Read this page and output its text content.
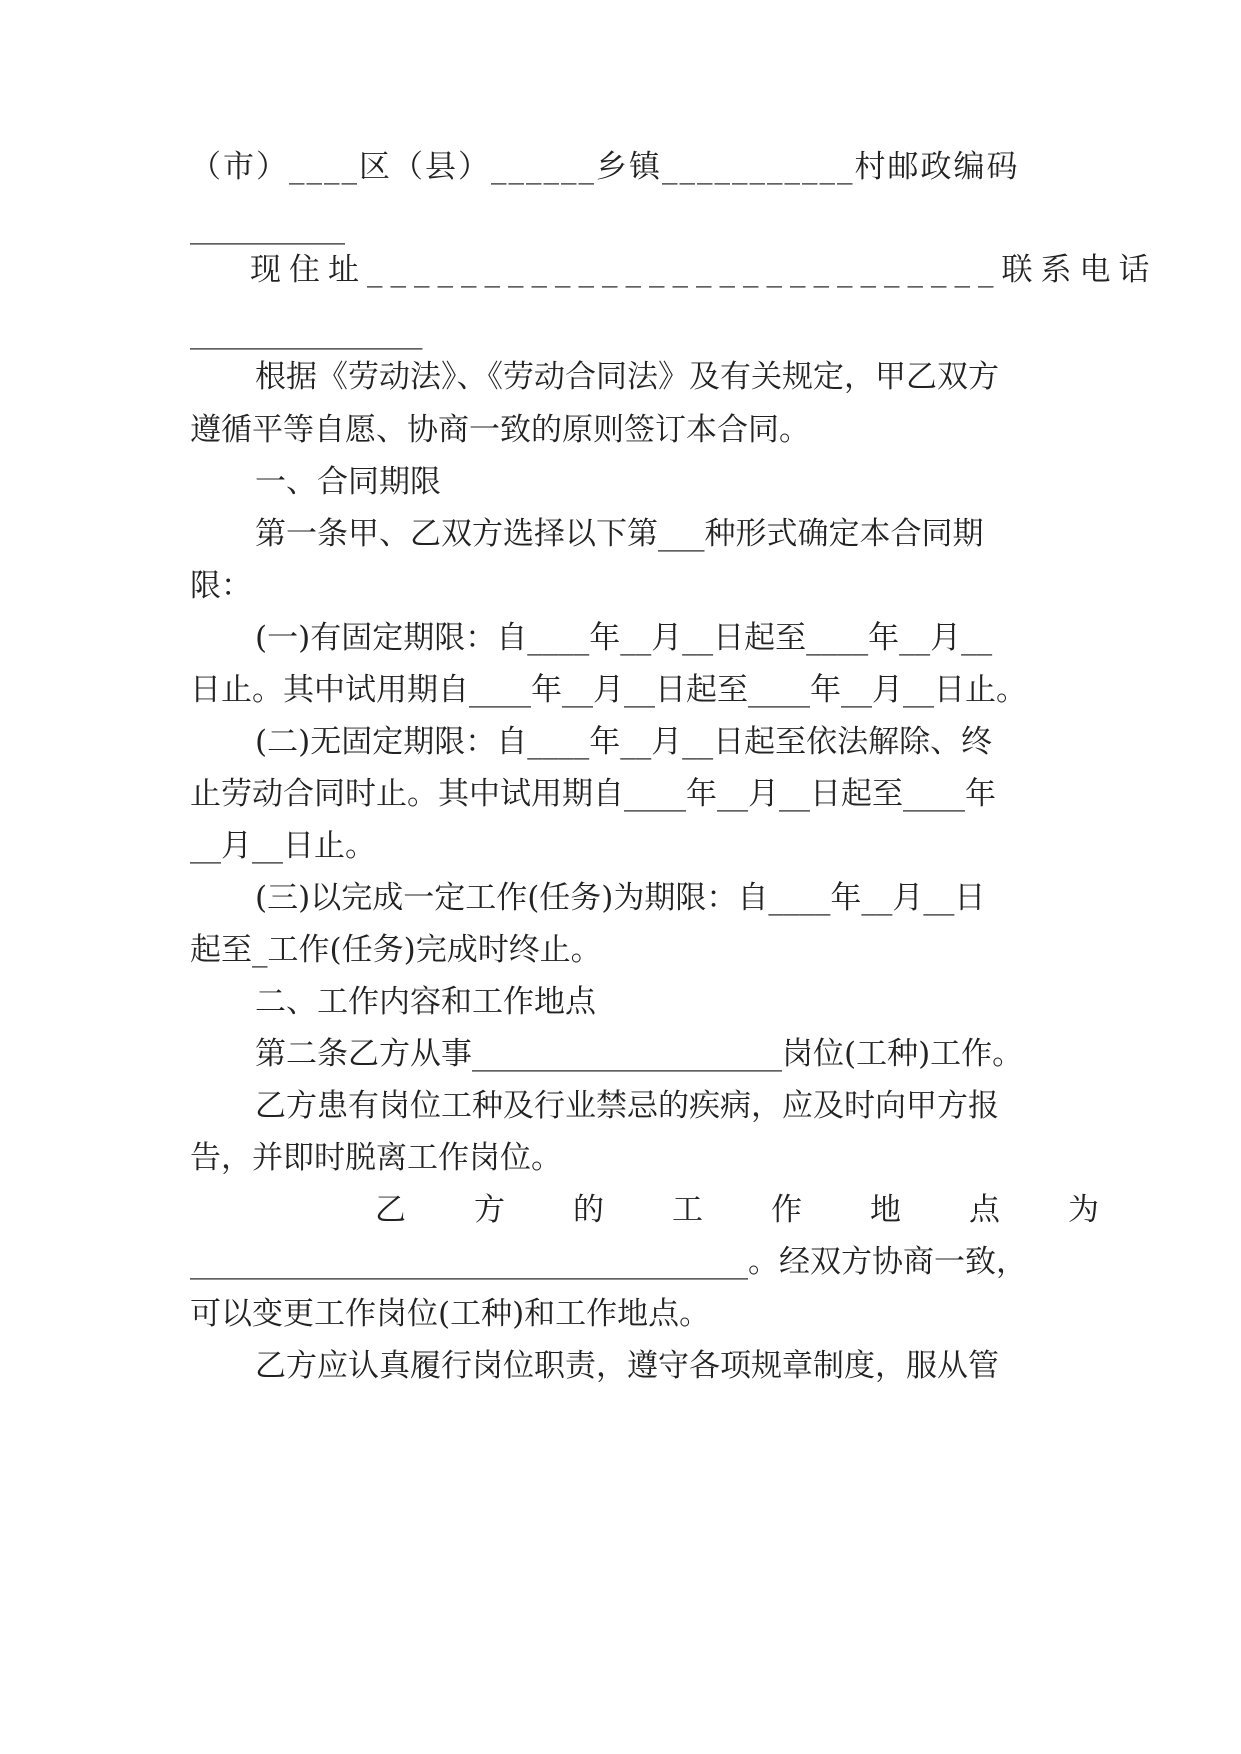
（市）____区（县）______乡镇___________村邮政编码
__________
现住址___________________________联系电话
_______________
根据《劳动法》、《劳动合同法》及有关规定，甲乙双方
遵循平等自愿、协商一致的原则签订本合同。
一、合同期限
第一条甲、乙双方选择以下第___种形式确定本合同期
限：
(一)有固定期限：自____年__月__日起至____年__月__
日止。其中试用期自____年__月__日起至____年__月__日止。
(二)无固定期限：自____年__月__日起至依法解除、终
止劳动合同时止。其中试用期自____年__月__日起至____年
__月__日止。
(三)以完成一定工作(任务)为期限：自____年__月__日
起至_工作(任务)完成时终止。
二、工作内容和工作地点
第二条乙方从事____________________岗位(工种)工作。
乙方患有岗位工种及行业禁忌的疾病，应及时向甲方报
告，并即时脱离工作岗位。
乙方的工作地点为
____________________________________。经双方协商一致，
可以变更工作岗位(工种)和工作地点。
乙方应认真履行岗位职责，遵守各项规章制度，服从管
